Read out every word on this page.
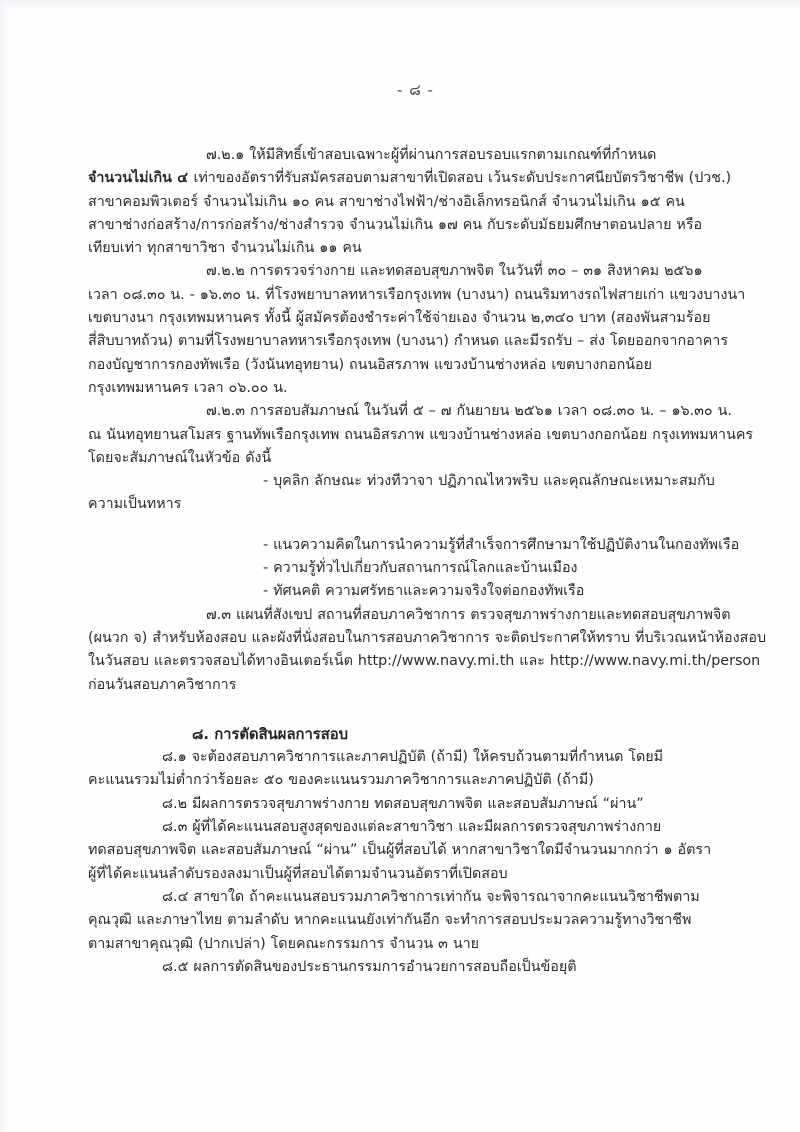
- ๘ -
๗.๒.๑ ให้มีสิทธิ์เข้าสอบเฉพาะผู้ที่ผ่านการสอบรอบแรกตามเกณฑ์ที่กำหนด
จำนวนไม่เกิน ๔ เท่าของอัตราที่รับสมัครสอบตามสาขาที่เปิดสอบ เว้นระดับประกาศนียบัตรวิชาชีพ (ปวช.)
สาขาคอมพิวเตอร์ จำนวนไม่เกิน ๑๐ คน สาขาช่างไฟฟ้า/ช่างอิเล็กทรอนิกส์ จำนวนไม่เกิน ๑๕ คน
สาขาช่างก่อสร้าง/การก่อสร้าง/ช่างสำรวจ จำนวนไม่เกิน ๑๗ คน กับระดับมัธยมศึกษาตอนปลาย หรือ
เทียบเท่า ทุกสาขาวิชา จำนวนไม่เกิน ๑๑ คน
๗.๒.๒ การตรวจร่างกาย และทดสอบสุขภาพจิต ในวันที่ ๓๐ – ๓๑ สิงหาคม ๒๕๖๑
เวลา ๐๘.๓๐ น. - ๑๖.๓๐ น. ที่โรงพยาบาลทหารเรือกรุงเทพ (บางนา) ถนนริมทางรถไฟสายเก่า แขวงบางนา
เขตบางนา กรุงเทพมหานคร ทั้งนี้ ผู้สมัครต้องชำระค่าใช้จ่ายเอง จำนวน ๒,๓๔๐ บาท (สองพันสามร้อย
สี่สิบบาทถ้วน) ตามที่โรงพยาบาลทหารเรือกรุงเทพ (บางนา) กำหนด และมีรถรับ – ส่ง โดยออกจากอาคาร
กองบัญชาการกองทัพเรือ (วังนันทอุทยาน) ถนนอิสรภาพ แขวงบ้านช่างหล่อ เขตบางกอกน้อย
กรุงเทพมหานคร เวลา ๐๖.๐๐ น.
๗.๒.๓ การสอบสัมภาษณ์ ในวันที่ ๕ – ๗ กันยายน ๒๕๖๑ เวลา ๐๘.๓๐ น. – ๑๖.๓๐ น.
ณ นันทอุทยานสโมสร ฐานทัพเรือกรุงเทพ ถนนอิสรภาพ แขวงบ้านช่างหล่อ เขตบางกอกน้อย กรุงเทพมหานคร
โดยจะสัมภาษณ์ในหัวข้อ ดังนี้
- บุคลิก ลักษณะ ท่วงทีวาจา ปฏิภาณไหวพริบ และคุณลักษณะเหมาะสมกับ
ความเป็นทหาร
- แนวความคิดในการนำความรู้ที่สำเร็จการศึกษามาใช้ปฏิบัติงานในกองทัพเรือ
- ความรู้ทั่วไปเกี่ยวกับสถานการณ์โลกและบ้านเมือง
- ทัศนคติ ความศรัทธาและความจริงใจต่อกองทัพเรือ
๗.๓ แผนที่สังเขป สถานที่สอบภาควิชาการ ตรวจสุขภาพร่างกายและทดสอบสุขภาพจิต
(ผนวก จ) สำหรับห้องสอบ และผังที่นั่งสอบในการสอบภาควิชาการ จะติดประกาศให้ทราบ ที่บริเวณหน้าห้องสอบ
ในวันสอบ และตรวจสอบได้ทางอินเตอร์เน็ต http://www.navy.mi.th และ http://www.navy.mi.th/person
ก่อนวันสอบภาควิชาการ
๘. การตัดสินผลการสอบ
๘.๑ จะต้องสอบภาควิชาการและภาคปฏิบัติ (ถ้ามี) ให้ครบถ้วนตามที่กำหนด โดยมี
คะแนนรวมไม่ต่ำกว่าร้อยละ ๕๐ ของคะแนนรวมภาควิชาการและภาคปฏิบัติ (ถ้ามี)
๘.๒ มีผลการตรวจสุขภาพร่างกาย ทดสอบสุขภาพจิต และสอบสัมภาษณ์ “ผ่าน”
๘.๓ ผู้ที่ได้คะแนนสอบสูงสุดของแต่ละสาขาวิชา และมีผลการตรวจสุขภาพร่างกาย
ทดสอบสุขภาพจิต และสอบสัมภาษณ์ “ผ่าน” เป็นผู้ที่สอบได้ หากสาขาวิชาใดมีจำนวนมากกว่า ๑ อัตรา
ผู้ที่ได้คะแนนลำดับรองลงมาเป็นผู้ที่สอบได้ตามจำนวนอัตราที่เปิดสอบ
๘.๔ สาขาใด ถ้าคะแนนสอบรวมภาควิชาการเท่ากัน จะพิจารณาจากคะแนนวิชาชีพตาม
คุณวุฒิ และภาษาไทย ตามลำดับ หากคะแนนยังเท่ากันอีก จะทำการสอบประมวลความรู้ทางวิชาชีพ
ตามสาขาคุณวุฒิ (ปากเปล่า) โดยคณะกรรมการ จำนวน ๓ นาย
๘.๕ ผลการตัดสินของประธานกรรมการอำนวยการสอบถือเป็นข้อยุติ
